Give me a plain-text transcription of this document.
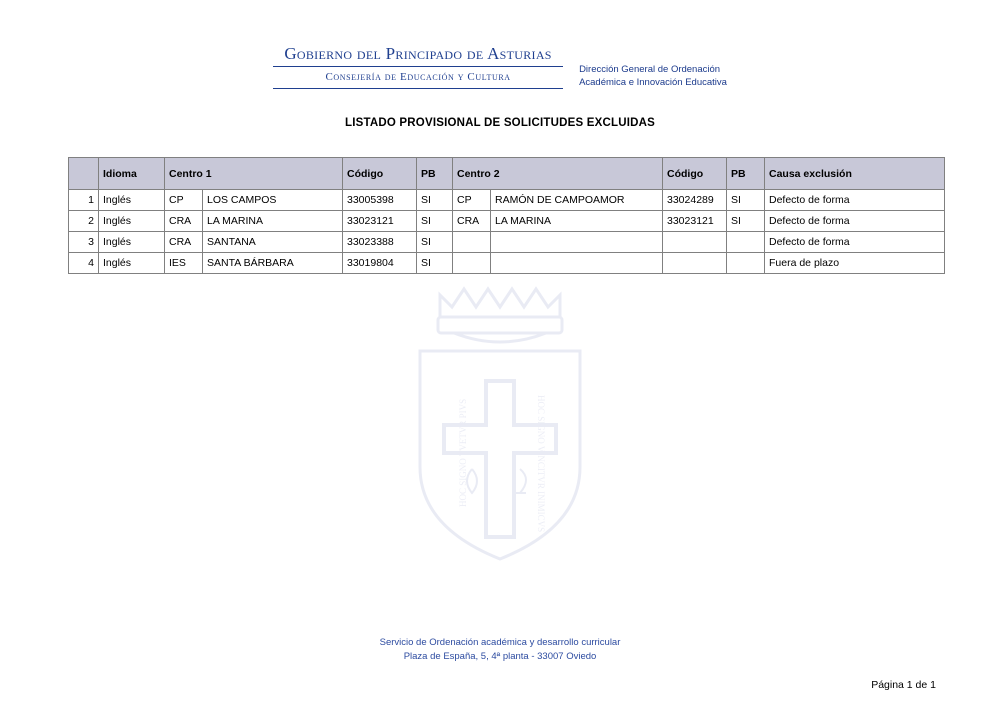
HOC SIGNO TVETVR PIVS	HOC SIGNO VINCITVR INIMICVS
Gobierno del Principado de Asturias
Consejería de Educación y Cultura
Dirección General de Ordenación
Académica e Innovación Educativa
LISTADO PROVISIONAL DE SOLICITUDES EXCLUIDAS
	Idioma	Centro 1		Código	PB	Centro 2		Código	PB	Causa exclusión
1	Inglés	CP	LOS CAMPOS	33005398	SI	CP	RAMÓN DE CAMPOAMOR	33024289	SI	Defecto de forma
2	Inglés	CRA	LA MARINA	33023121	SI	CRA	LA MARINA	33023121	SI	Defecto de forma
3	Inglés	CRA	SANTANA	33023388	SI					Defecto de forma
4	Inglés	IES	SANTA BÁRBARA	33019804	SI					Fuera de plazo
Servicio de Ordenación académica y desarrollo curricular
Plaza de España, 5, 4ª planta - 33007 Oviedo
Página 1 de 1
